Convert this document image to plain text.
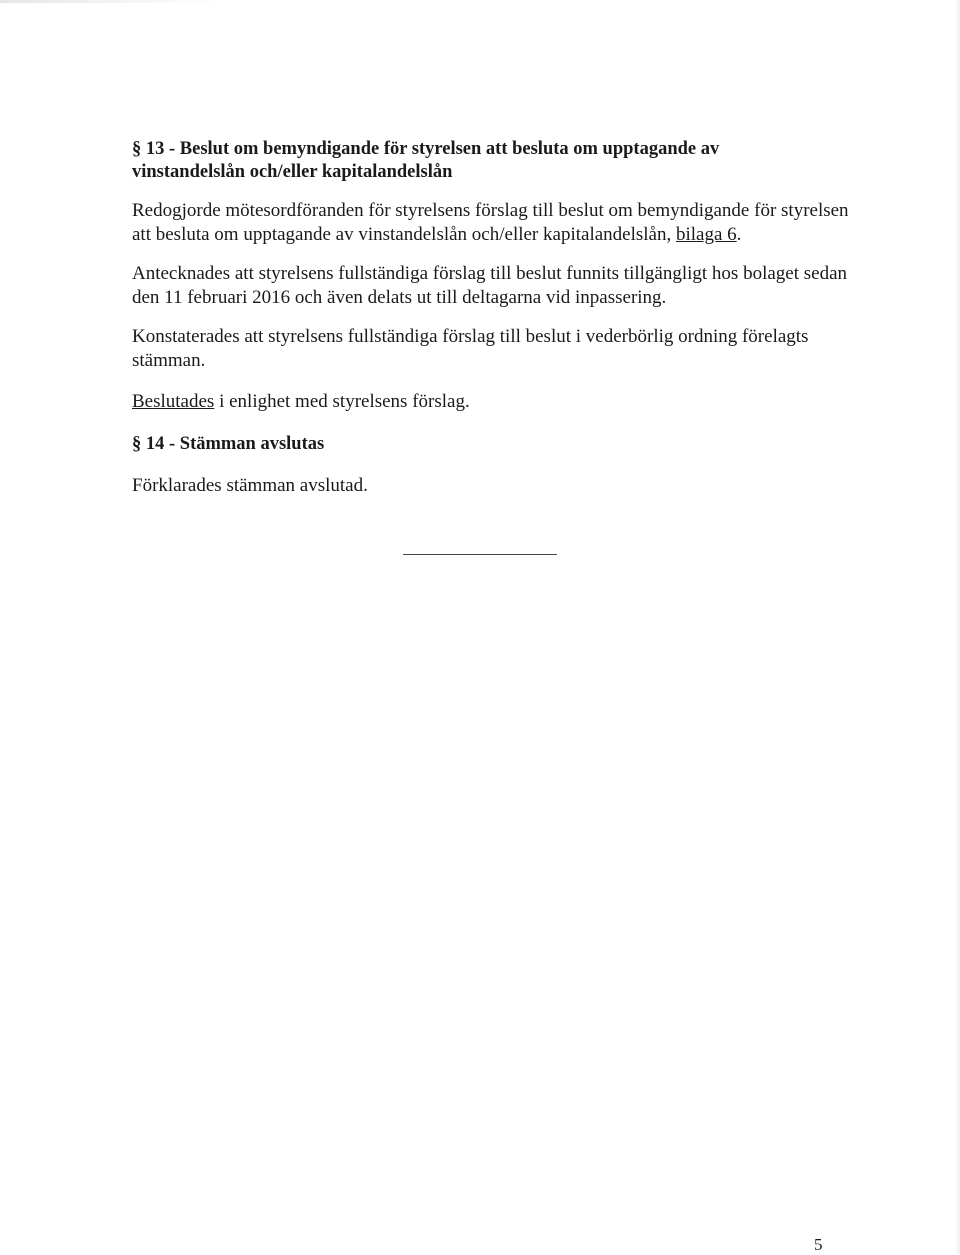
§ 13 - Beslut om bemyndigande för styrelsen att besluta om upptagande av
vinstandelslån och/eller kapitalandelslån
Redogjorde mötesordföranden för styrelsens förslag till beslut om bemyndigande för styrelsen
att besluta om upptagande av vinstandelslån och/eller kapitalandelslån, bilaga 6.
Antecknades att styrelsens fullständiga förslag till beslut funnits tillgängligt hos bolaget sedan
den 11 februari 2016 och även delats ut till deltagarna vid inpassering.
Konstaterades att styrelsens fullständiga förslag till beslut i vederbörlig ordning förelagts
stämman.
Beslutades i enlighet med styrelsens förslag.
§ 14 - Stämman avslutas
Förklarades stämman avslutad.
5
